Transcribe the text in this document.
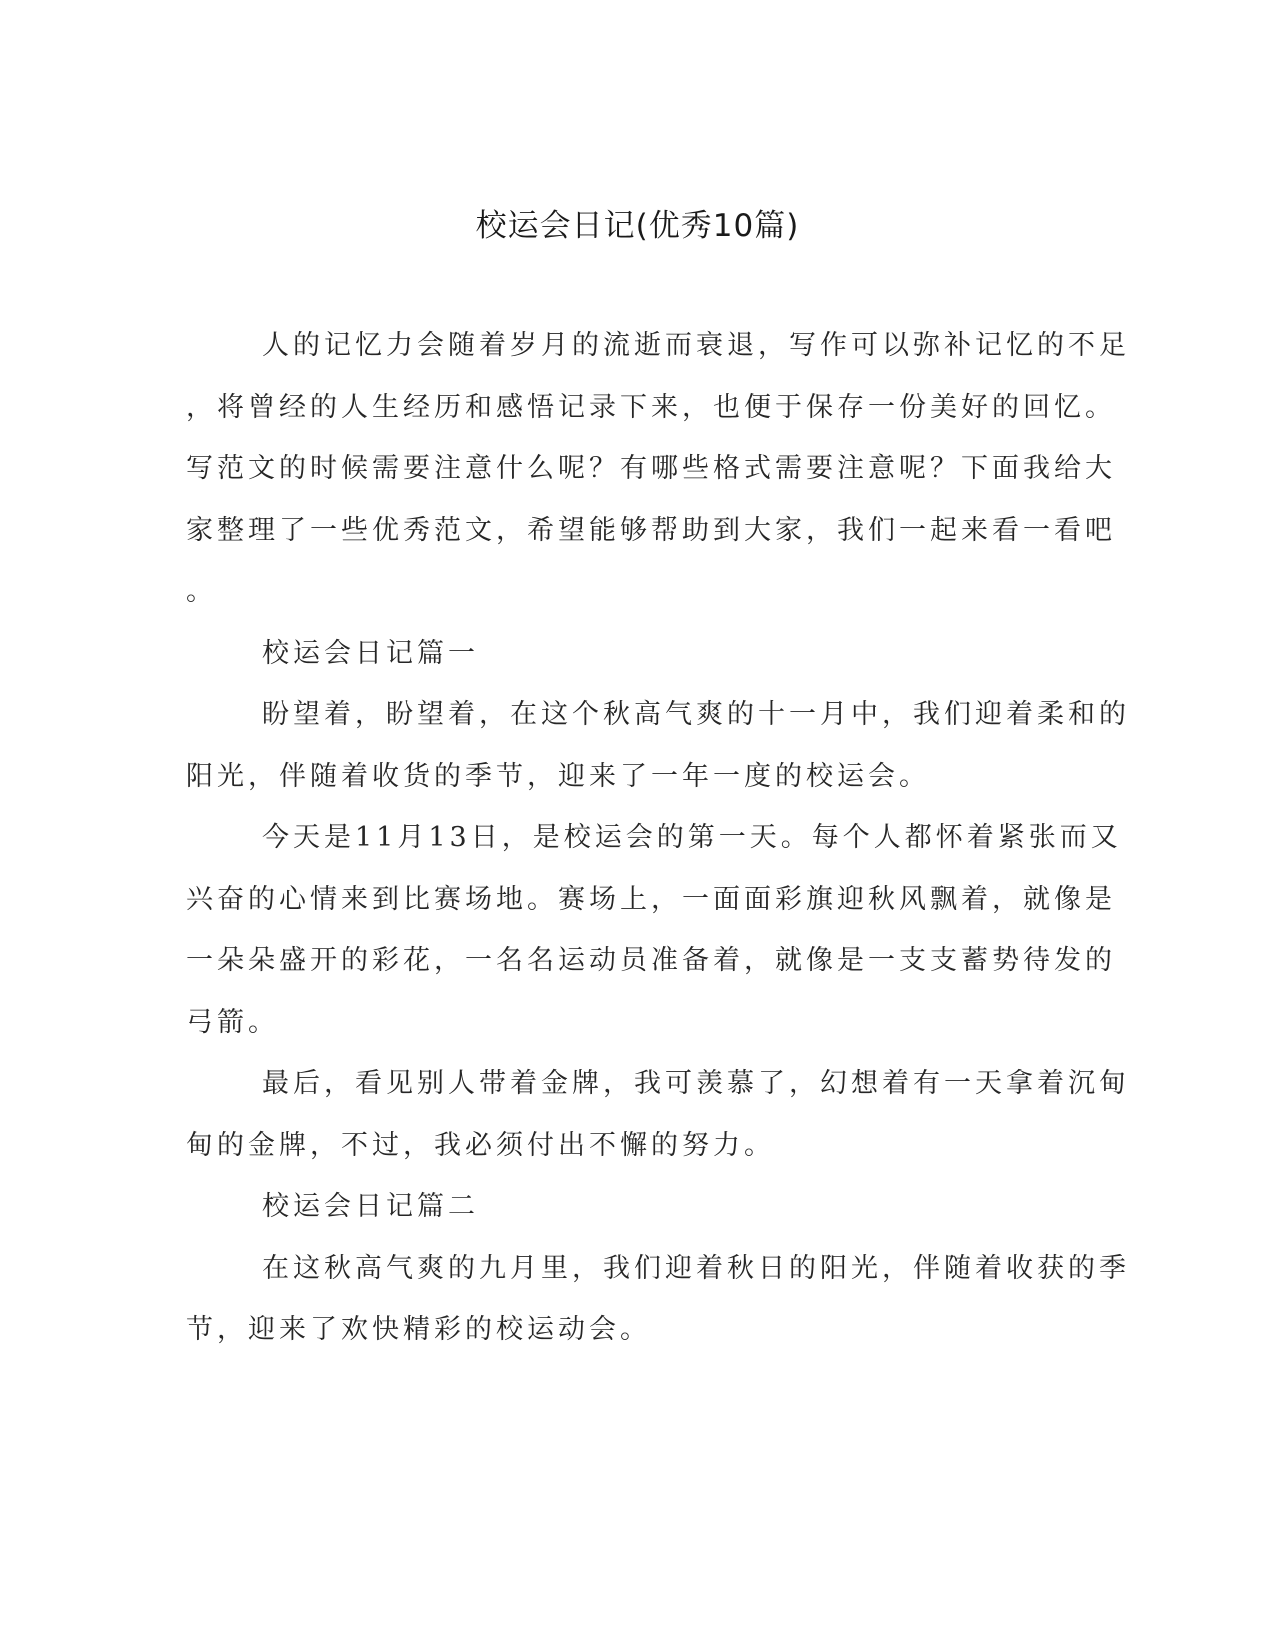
校运会日记(优秀10篇)
人的记忆力会随着岁月的流逝而衰退，写作可以弥补记忆的不足
，将曾经的人生经历和感悟记录下来，也便于保存一份美好的回忆。
写范文的时候需要注意什么呢？有哪些格式需要注意呢？下面我给大
家整理了一些优秀范文，希望能够帮助到大家，我们一起来看一看吧
。
校运会日记篇一
盼望着，盼望着，在这个秋高气爽的十一月中，我们迎着柔和的
阳光，伴随着收货的季节，迎来了一年一度的校运会。
今天是11月13日，是校运会的第一天。每个人都怀着紧张而又
兴奋的心情来到比赛场地。赛场上，一面面彩旗迎秋风飘着，就像是
一朵朵盛开的彩花，一名名运动员准备着，就像是一支支蓄势待发的
弓箭。
最后，看见别人带着金牌，我可羡慕了，幻想着有一天拿着沉甸
甸的金牌，不过，我必须付出不懈的努力。
校运会日记篇二
在这秋高气爽的九月里，我们迎着秋日的阳光，伴随着收获的季
节，迎来了欢快精彩的校运动会。
